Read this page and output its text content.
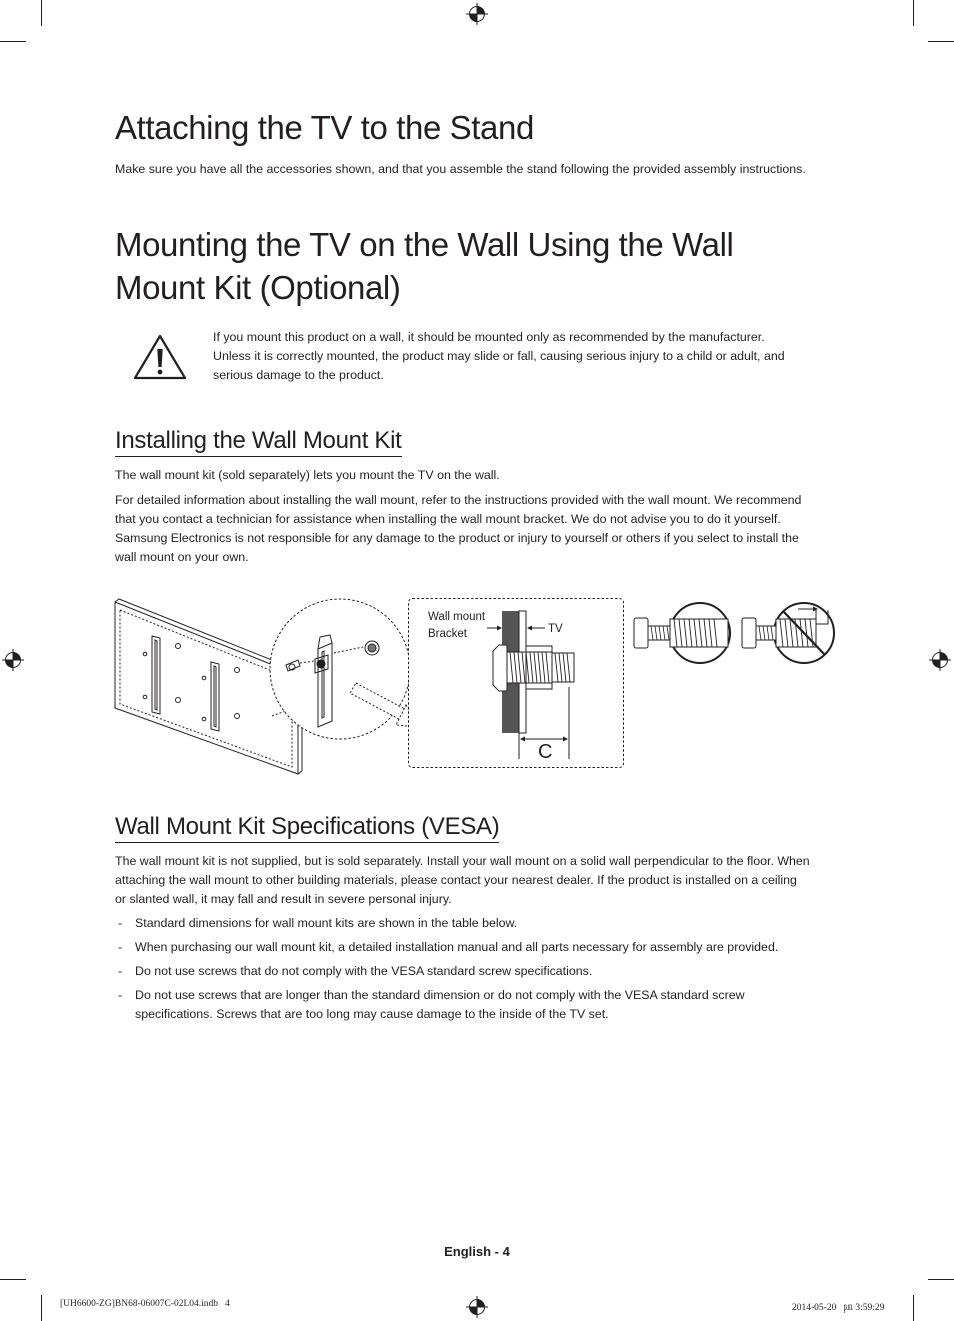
Attaching the TV to the Stand

Make sure you have all the accessories shown, and that you assemble the stand following the provided assembly instructions.

Mounting the TV on the Wall Using the Wall
Mount Kit (Optional)

If you mount this product on a wall, it should be mounted only as recommended by the manufacturer.

Unless it is correctly mounted, the product may slide or fall, causing serious injury to a child or adult, and

serious damage to the product.

Installing the Wall Mount Kit

The wall mount kit (sold separately) lets you mount the TV on the wall.

For detailed information about installing the wall mount, refer to the instructions provided with the wall mount. We recommend

that you contact a technician for assistance when installing the wall mount bracket. We do not advise you to do it yourself.

Samsung Electronics is not responsible for any damage to the product or injury to yourself or others if you select to install the

wall mount on your own.

Wall mount
Bracket	TV
C
Wall Mount Kit Specifications (VESA)

The wall mount kit is not supplied, but is sold separately. Install your wall mount on a solid wall perpendicular to the floor. When

attaching the wall mount to other building materials, please contact your nearest dealer. If the product is installed on a ceiling

or slanted wall, it may fall and result in severe personal injury.

- Standard dimensions for wall mount kits are shown in the table below.
- When purchasing our wall mount kit, a detailed installation manual and all parts necessary for assembly are provided.
- Do not use screws that do not comply with the VESA standard screw specifications.
- Do not use screws that are longer than the standard dimension or do not comply with the VESA standard screw specifications. Screws that are too long may cause damage to the inside of the TV set.
English - 4
[UH6600-ZG]BN68-06007C-02L04.indb   4	2014-05-20   ㏘ 3:59:29
